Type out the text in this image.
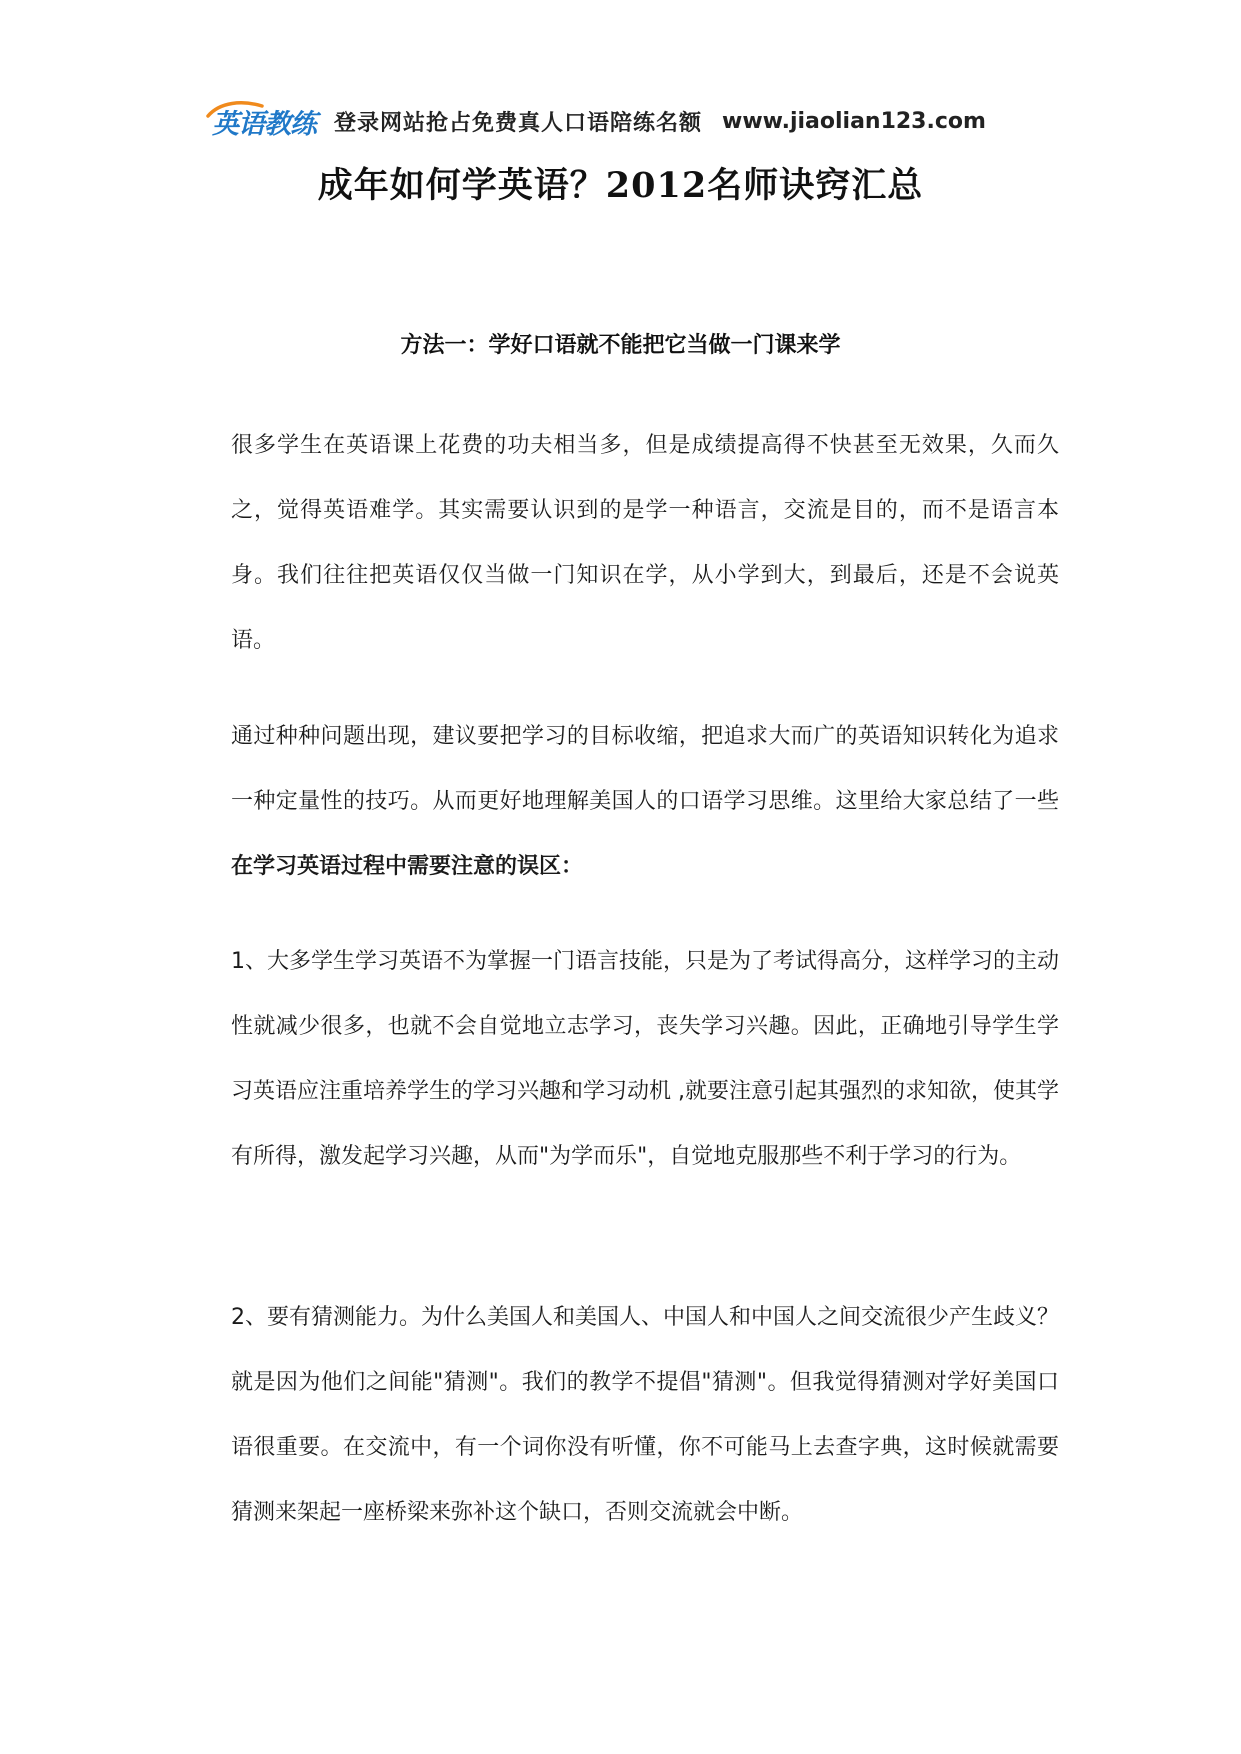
英语教练 登录网站抢占免费真人口语陪练名额 www.jiaolian123.com
成年如何学英语？2012名师诀窍汇总
方法一：学好口语就不能把它当做一门课来学
很多学生在英语课上花费的功夫相当多，但是成绩提高得不快甚至无效果，久而久之，觉得英语难学。其实需要认识到的是学一种语言，交流是目的，而不是语言本身。我们往往把英语仅仅当做一门知识在学，从小学到大，到最后，还是不会说英语。
通过种种问题出现，建议要把学习的目标收缩，把追求大而广的英语知识转化为追求一种定量性的技巧。从而更好地理解美国人的口语学习思维。这里给大家总结了一些在学习英语过程中需要注意的误区：
1、大多学生学习英语不为掌握一门语言技能，只是为了考试得高分，这样学习的主动性就减少很多，也就不会自觉地立志学习，丧失学习兴趣。因此，正确地引导学生学习英语应注重培养学生的学习兴趣和学习动机 ,就要注意引起其强烈的求知欲，使其学有所得，激发起学习兴趣，从而"为学而乐"，自觉地克服那些不利于学习的行为。
2、要有猜测能力。为什么美国人和美国人、中国人和中国人之间交流很少产生歧义？就是因为他们之间能"猜测"。我们的教学不提倡"猜测"。但我觉得猜测对学好美国口语很重要。在交流中，有一个词你没有听懂，你不可能马上去查字典，这时候就需要猜测来架起一座桥梁来弥补这个缺口，否则交流就会中断。
